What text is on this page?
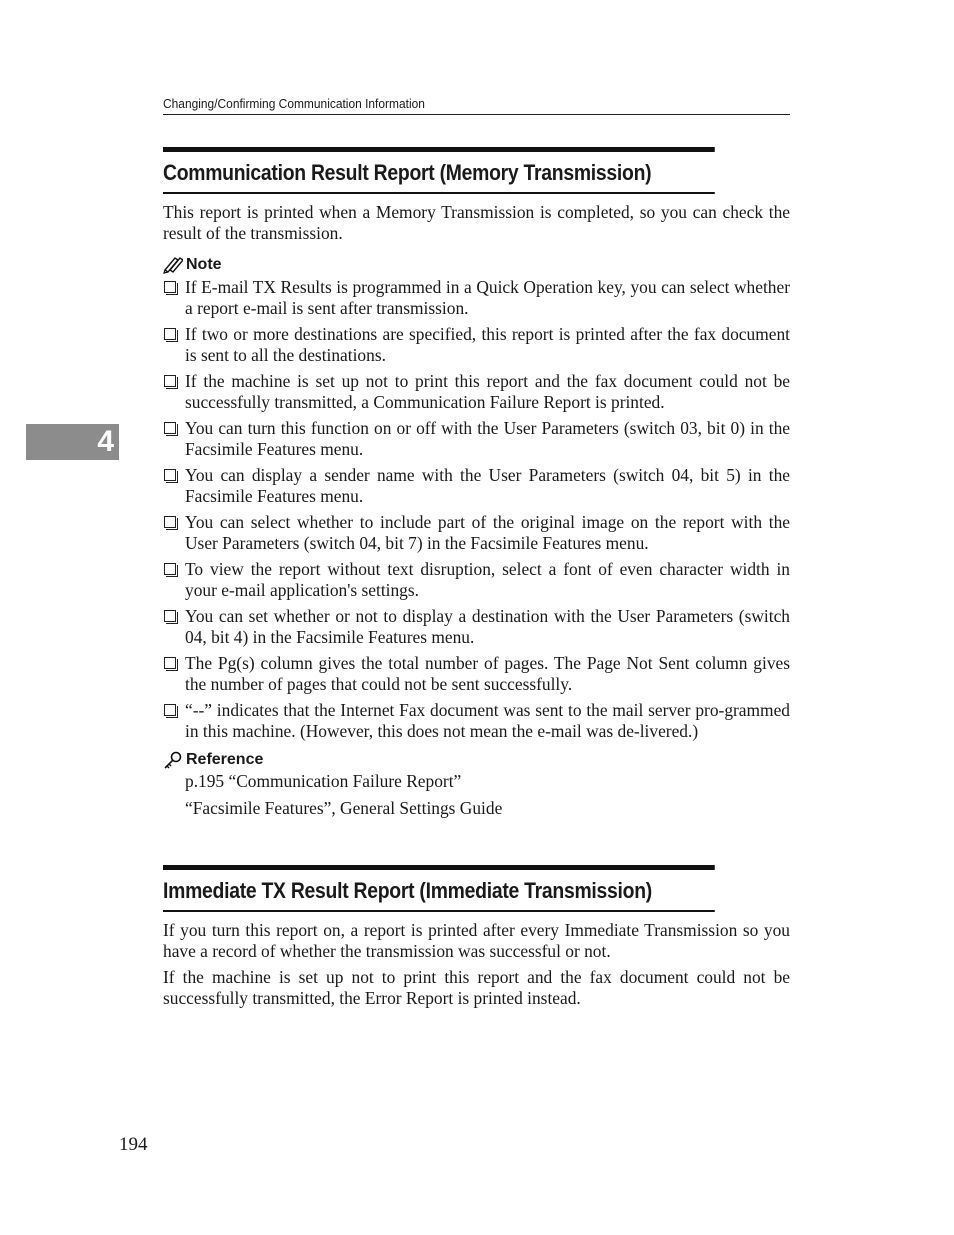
4
Changing/Confirming Communication Information
Communication Result Report (Memory Transmission)

This report is printed when a Memory Transmission is completed, so you can check the result of the transmission.

Note
If E-mail TX Results is programmed in a Quick Operation key, you can select whether a report e-mail is sent after transmission.
If two or more destinations are specified, this report is printed after the fax document is sent to all the destinations.
If the machine is set up not to print this report and the fax document could not be successfully transmitted, a Communication Failure Report is printed.
You can turn this function on or off with the User Parameters (switch 03, bit 0) in the Facsimile Features menu.
You can display a sender name with the User Parameters (switch 04, bit 5) in the Facsimile Features menu.
You can select whether to include part of the original image on the report with the User Parameters (switch 04, bit 7) in the Facsimile Features menu.
To view the report without text disruption, select a font of even character width in your e-mail application's settings.
You can set whether or not to display a destination with the User Parameters (switch 04, bit 4) in the Facsimile Features menu.
The Pg(s) column gives the total number of pages. The Page Not Sent column gives the number of pages that could not be sent successfully.
“--” indicates that the Internet Fax document was sent to the mail server pro-grammed in this machine. (However, this does not mean the e-mail was de-livered.)
Reference

p.195 “Communication Failure Report”

“Facsimile Features”, General Settings Guide

Immediate TX Result Report (Immediate Transmission)

If you turn this report on, a report is printed after every Immediate Transmission so you have a record of whether the transmission was successful or not.

If the machine is set up not to print this report and the fax document could not be successfully transmitted, the Error Report is printed instead.

194
